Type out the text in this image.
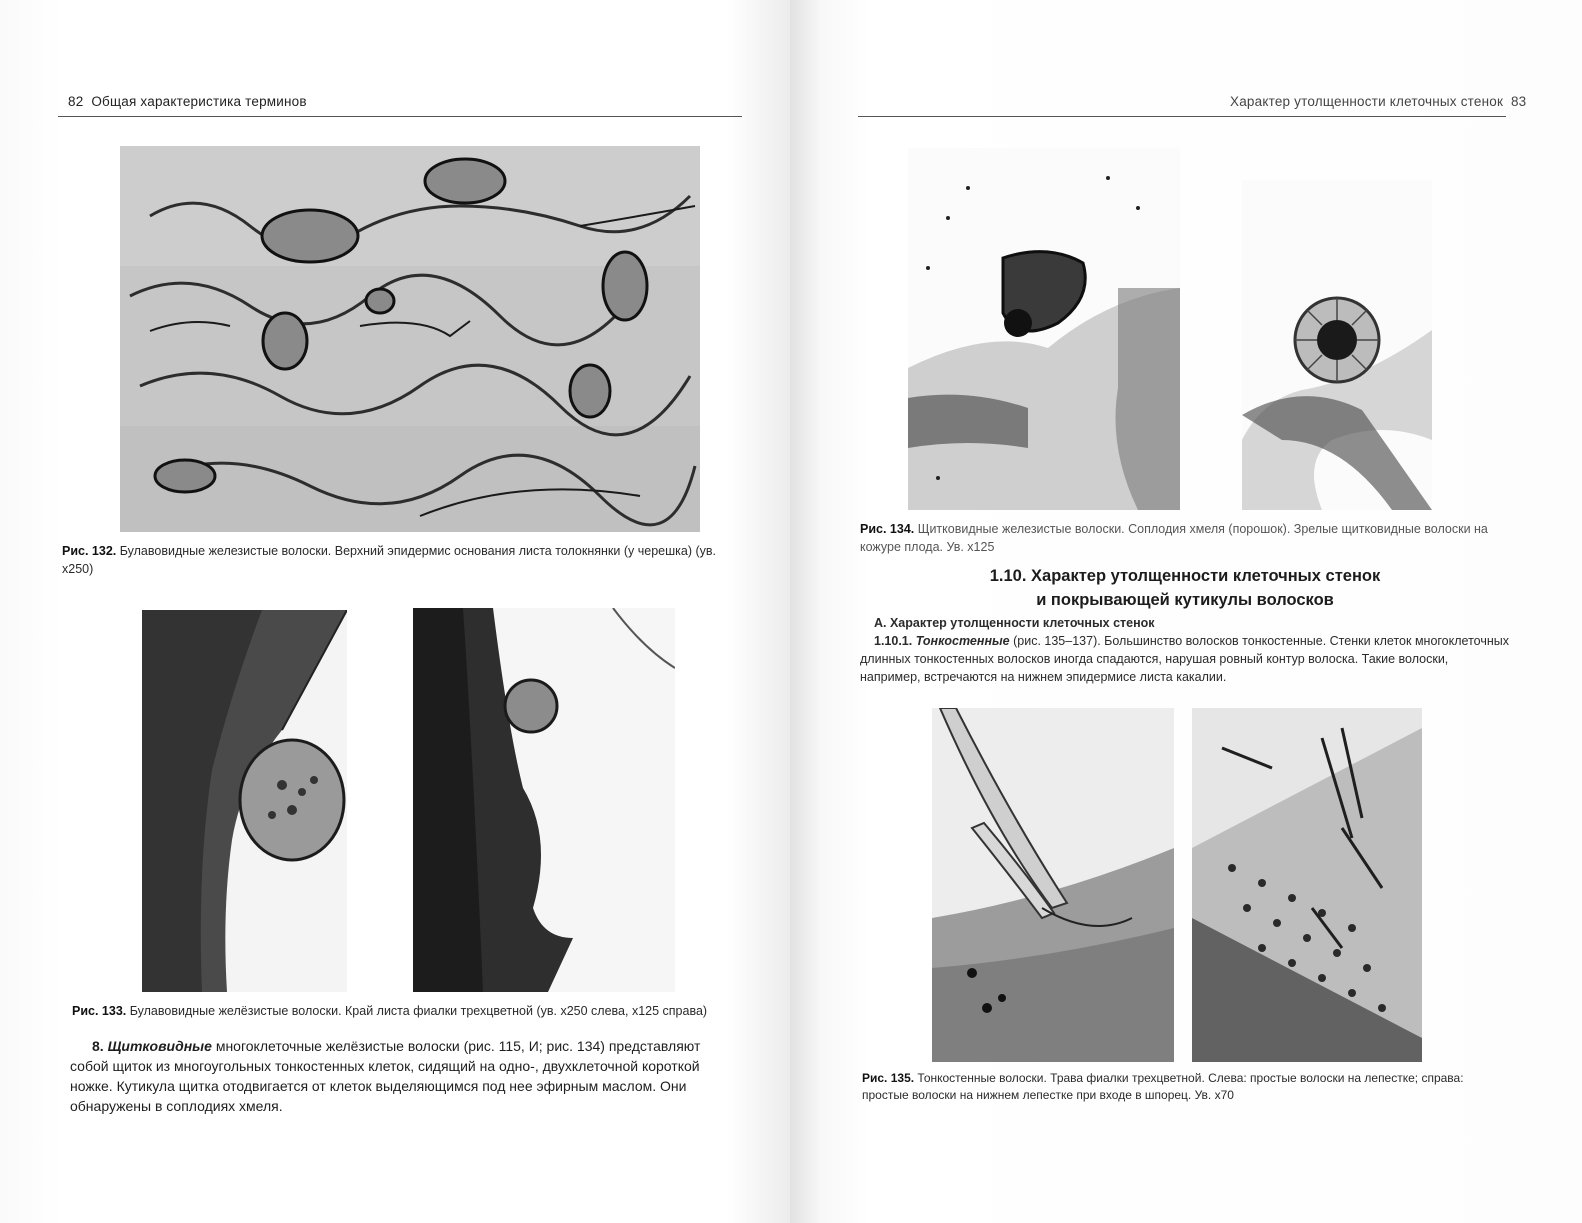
82 Общая характеристика терминов
Рис. 132. Булавовидные железистые волоски. Верхний эпидермис основания листа толокнянки (у черешка) (ув. х250)
Рис. 133. Булавовидные желёзистые волоски. Край листа фиалки трехцветной (ув. х250 слева, х125 справа)
8. Щитковидные многоклеточные желёзистые волоски (рис. 115, И; рис. 134) представляют собой щиток из многоугольных тонкостенных клеток, сидящий на одно-, двухклеточной короткой ножке. Кутикула щитка отодвигается от клеток выделяющимся под нее эфирным маслом. Они обнаружены в соплодиях хмеля.
Характер утолщенности клеточных стенок 83
Рис. 134. Щитковидные железистые волоски. Соплодия хмеля (порошок). Зрелые щитковидные волоски на кожуре плода. Ув. х125
1.10. Характер утолщенности клеточных стенок
и покрывающей кутикулы волосков
А. Характер утолщенности клеточных стенок
1.10.1. Тонкостенные (рис. 135–137). Большинство волосков тонкостенные. Стенки клеток многоклеточных длинных тонкостенных волосков иногда спадаются, нарушая ровный контур волоска. Такие волоски, например, встречаются на нижнем эпидермисе листа какалии.
Рис. 135. Тонкостенные волоски. Трава фиалки трехцветной. Слева: простые волоски на лепестке; справа: простые волоски на нижнем лепестке при входе в шпорец. Ув. х70
